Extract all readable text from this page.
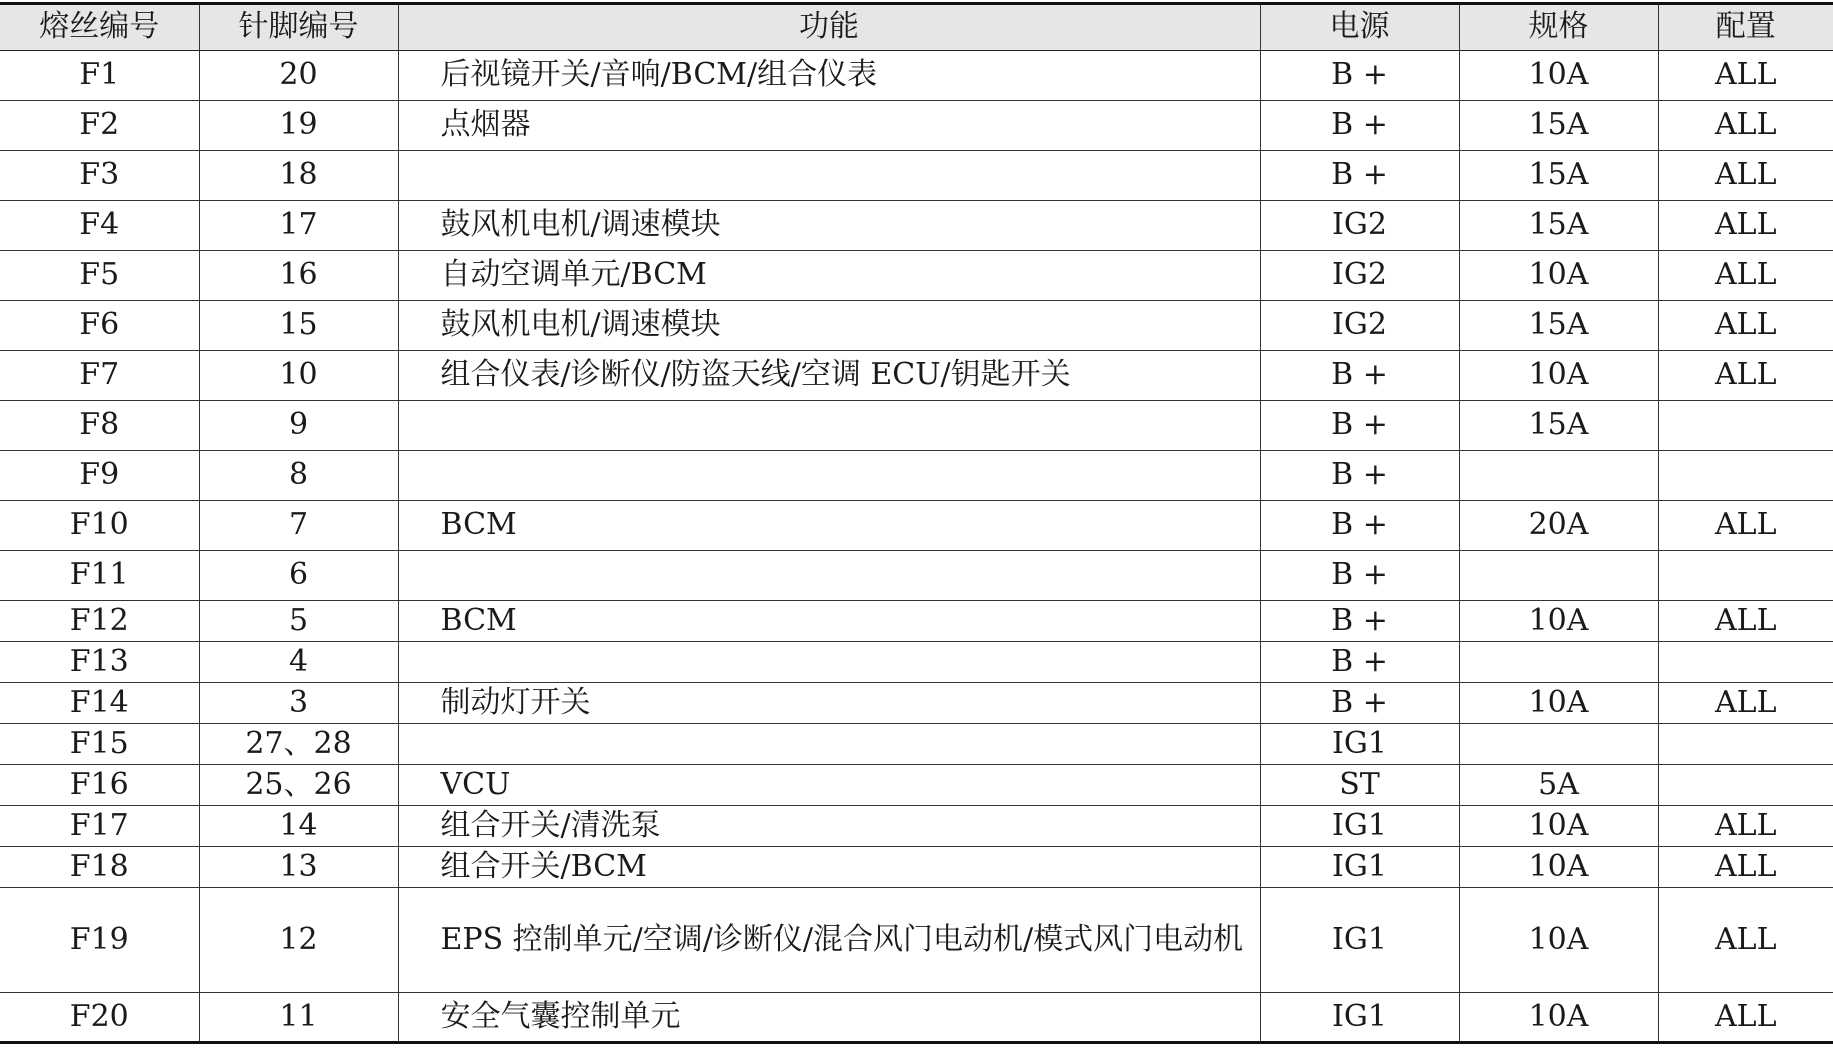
熔丝编号	针脚编号	功能	电源	规格	配置
F1	20	后视镜开关/音响/BCM/组合仪表	B +	10A	ALL
F2	19	点烟器	B +	15A	ALL
F3	18		B +	15A	ALL
F4	17	鼓风机电机/调速模块	IG2	15A	ALL
F5	16	自动空调单元/BCM	IG2	10A	ALL
F6	15	鼓风机电机/调速模块	IG2	15A	ALL
F7	10	组合仪表/诊断仪/防盗天线/空调 ECU/钥匙开关	B +	10A	ALL
F8	9		B +	15A	
F9	8		B +		
F10	7	BCM	B +	20A	ALL
F11	6		B +		
F12	5	BCM	B +	10A	ALL
F13	4		B +		
F14	3	制动灯开关	B +	10A	ALL
F15	27、28		IG1		
F16	25、26	VCU	ST	5A	
F17	14	组合开关/清洗泵	IG1	10A	ALL
F18	13	组合开关/BCM	IG1	10A	ALL
F19	12	EPS 控制单元/空调/诊断仪/混合风门电动机/模式风门电动机	IG1	10A	ALL
F20	11	安全气囊控制单元	IG1	10A	ALL
